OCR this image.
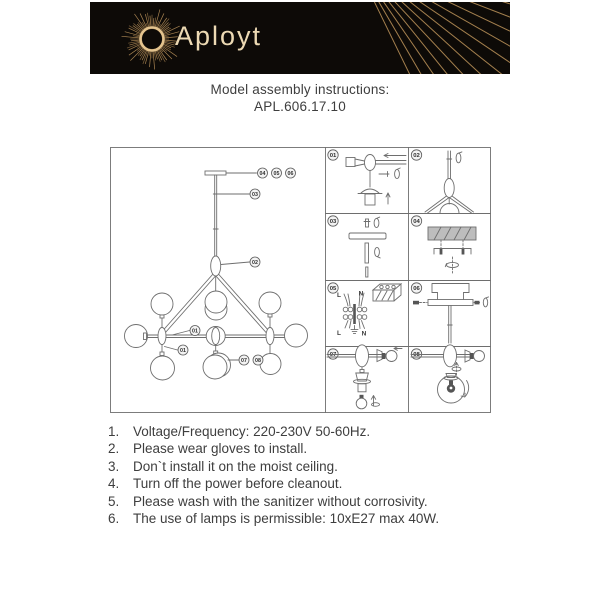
Aployt
Model assembly instructions:
APL.606.17.10
04 05 06
03
02
01
01
07 08
01	02
03	04
05	06
07	08
L	N
L	N
1.	Voltage/Frequency: 220-230V 50-60Hz.
2.	Please wear gloves to install.
3.	Don`t install it on the moist ceiling.
4.	Turn off the power before cleanout.
5.	Please wash with the sanitizer without corrosivity.
6.	The use of lamps is permissible: 10xE27 max 40W.
